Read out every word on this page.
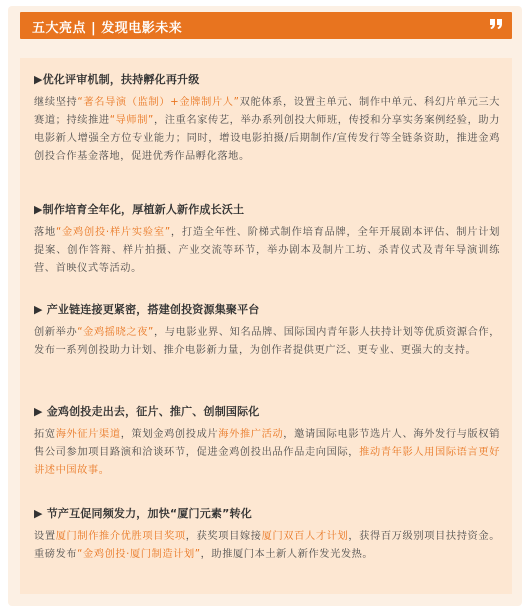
五大亮点 | 发现电影未来
▶优化评审机制，扶持孵化再升级
继续坚持“著名导演（监制）+金牌制片人”双舵体系，设置主单元、制作中单元、科幻片单元三大赛道；持续推进“导师制”，注重名家传艺，举办系列创投大师班，传授和分享实务案例经验，助力电影新人增强全方位专业能力；同时，增设电影拍摄/后期制作/宣传发行等全链条资助，推进金鸡创投合作基金落地，促进优秀作品孵化落地。
▶制作培育全年化，厚植新人新作成长沃土
落地“金鸡创投·样片实验室”，打造全年性、阶梯式制作培育品牌，全年开展剧本评估、制片计划提案、创作答辩、样片拍摄、产业交流等环节，举办剧本及制片工坊、杀青仪式及青年导演训练营、首映仪式等活动。
▶ 产业链连接更紧密，搭建创投资源集聚平台
创新举办“金鸡摇晓之夜”，与电影业界、知名品牌、国际国内青年影人扶持计划等优质资源合作，发布一系列创投助力计划、推介电影新力量，为创作者提供更广泛、更专业、更强大的支持。
▶ 金鸡创投走出去，征片、推广、创制国际化
拓宽海外征片渠道，策划金鸡创投成片海外推广活动，邀请国际电影节选片人、海外发行与版权销售公司参加项目路演和洽谈环节，促进金鸡创投出品作品走向国际，推动青年影人用国际语言更好讲述中国故事。
▶ 节产互促同频发力，加快“厦门元素”转化
设置厦门制作推介优胜项目奖项，获奖项目嫁接厦门双百人才计划，获得百万级别项目扶持资金。重磅发布“金鸡创投·厦门制造计划”，助推厦门本土新人新作发光发热。
